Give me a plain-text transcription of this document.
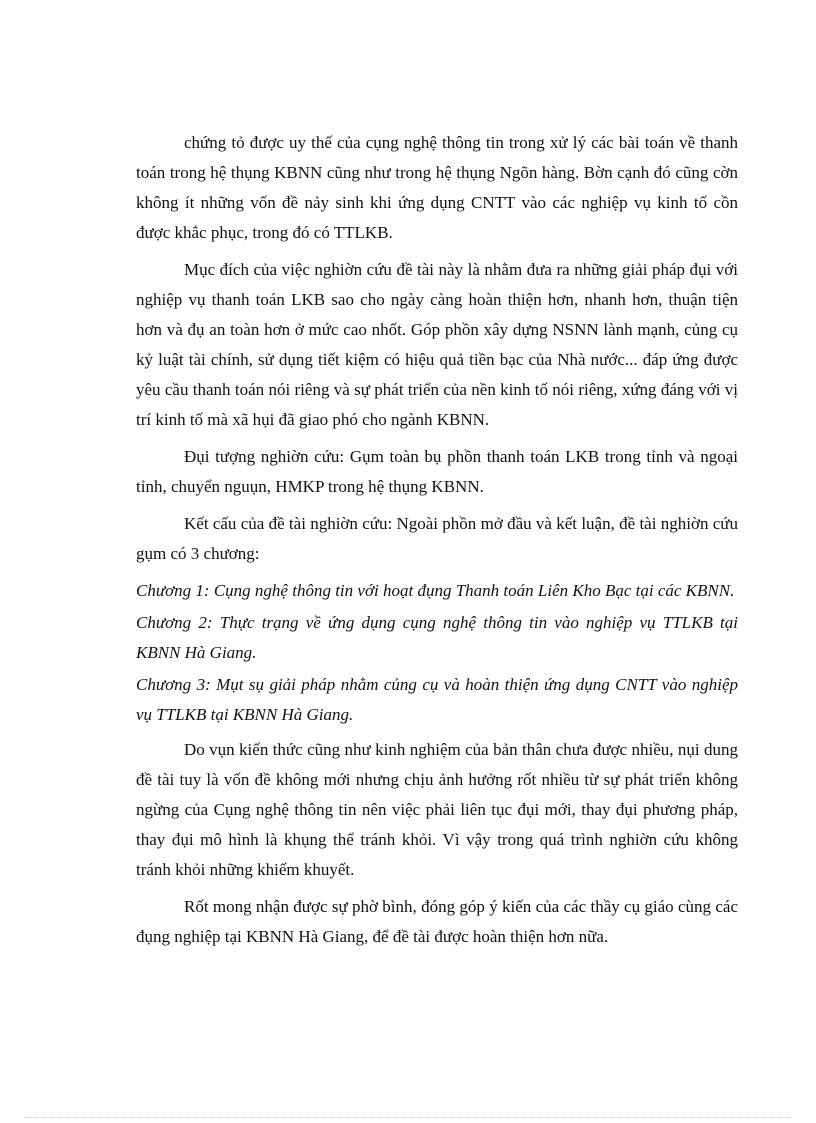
chứng tỏ được uy thế của cụng nghệ thông tin trong xử lý các bài toán về thanh toán trong hệ thụng KBNN cũng như trong hệ thụng Ngõn hàng. Bờn cạnh đó cũng cờn không ít những vốn đề nảy sinh khi ứng dụng CNTT vào các nghiệp vụ kinh tố cồn được khắc phục, trong đó có TTLKB.

Mục đích của việc nghiờn cứu đề tài này là nhằm đưa ra những giải pháp đụi với nghiệp vụ thanh toán LKB sao cho ngày càng hoàn thiện hơn, nhanh hơn, thuận tiện hơn và đụ an toàn hơn ở mức cao nhốt. Góp phồn xây dựng NSNN lành mạnh, củng cụ kỷ luật tài chính, sử dụng tiết kiệm có hiệu quả tiền bạc của Nhà nước... đáp ứng được yêu cầu thanh toán nói riêng và sự phát triển của nền kinh tố nói riêng, xứng đáng với vị trí kinh tố mà xã hụi đã giao phó cho ngành KBNN.

Đụi tượng nghiờn cứu: Gụm toàn bụ phồn thanh toán LKB trong tỉnh và ngoại tỉnh, chuyển nguụn, HMKP trong hệ thụng KBNN.

Kết cấu của đề tài nghiờn cứu: Ngoài phồn mở đầu và kết luận, đề tài nghiờn cứu gụm có 3 chương:

Chương 1: Cụng nghệ thông tin với hoạt đụng Thanh toán Liên Kho Bạc tại các KBNN.

Chương 2: Thực trạng về ứng dụng cụng nghệ thông tin vào nghiệp vụ TTLKB tại KBNN Hà Giang.

Chương 3: Mụt sụ giải pháp nhằm củng cụ và hoàn thiện ứng dụng CNTT vào nghiệp vụ TTLKB tại KBNN Hà Giang.

Do vụn kiến thức cũng như kinh nghiệm của bản thân chưa được nhiều, nụi dung đề tài tuy là vốn đề không mới nhưng chịu ảnh hưởng rốt nhiều từ sự phát triển không ngừng của Cụng nghệ thông tin nên việc phải liên tục đụi mới, thay đụi phương pháp, thay đụi mô hình là khụng thể tránh khỏi. Vì vậy trong quá trình nghiờn cứu không tránh khỏi những khiếm khuyết.

Rốt mong nhận được sự phờ bình, đóng góp ý kiến của các thầy cụ giáo cùng các đụng nghiệp tại KBNN Hà Giang, để đề tài được hoàn thiện hơn nữa.
